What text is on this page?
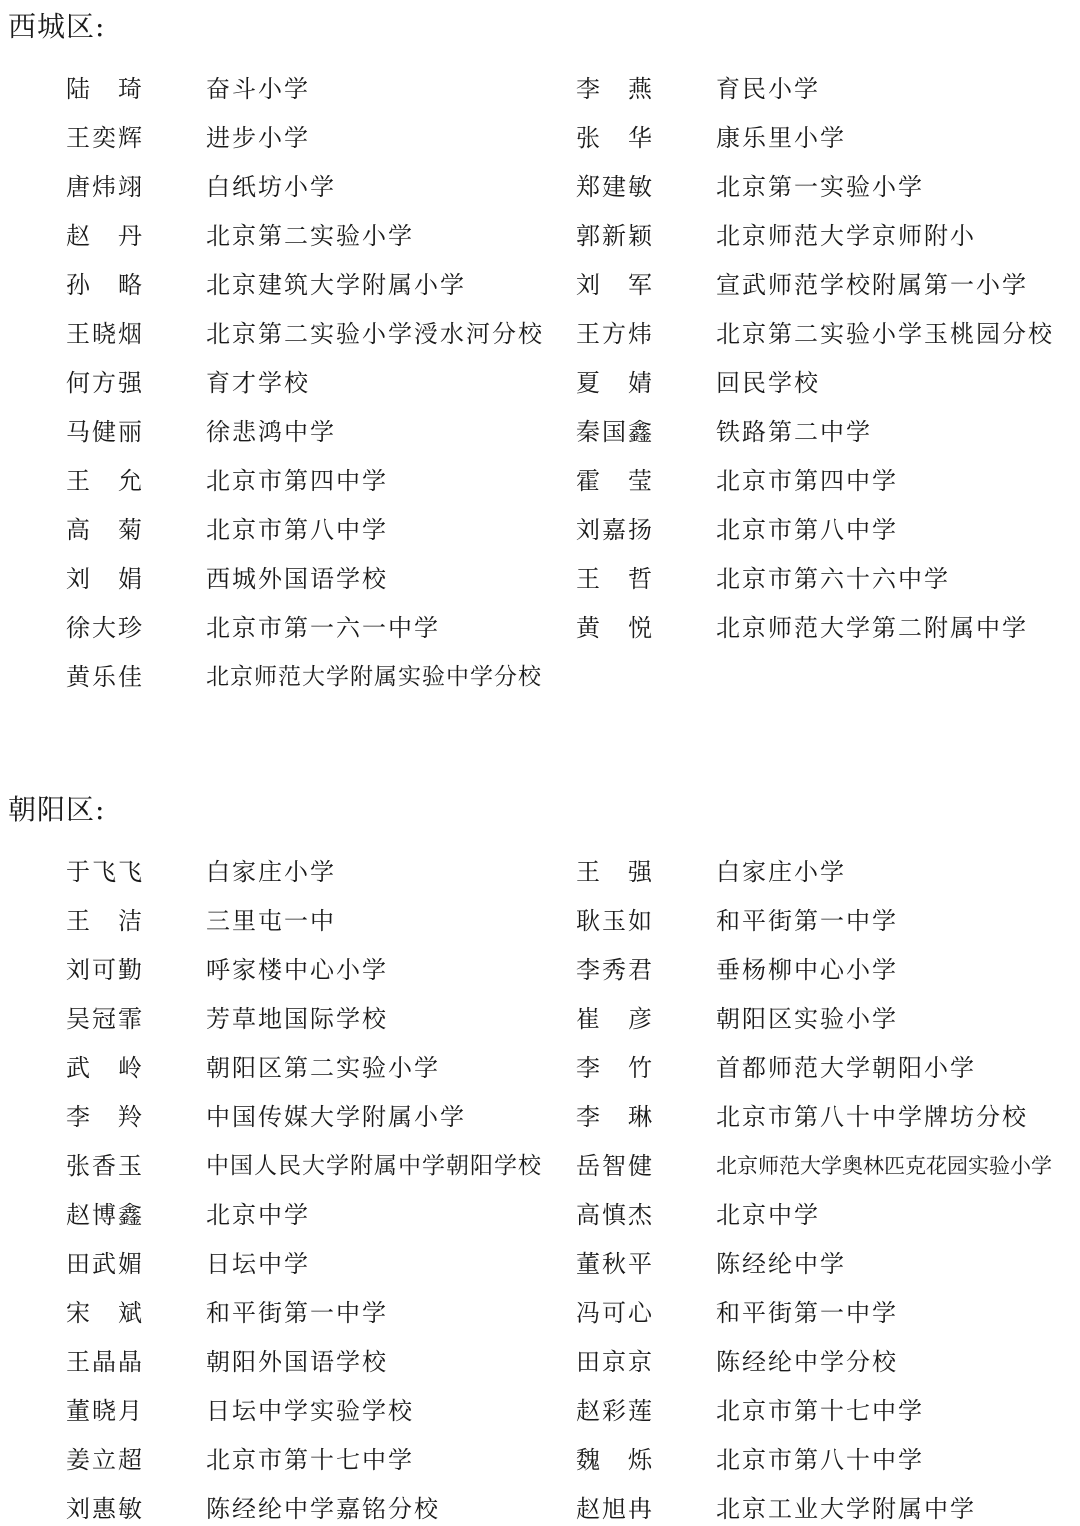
西城区:
陆　琦	奋斗小学	李　燕	育民小学
王奕辉	进步小学	张　华	康乐里小学
唐炜翊	白纸坊小学	郑建敏	北京第一实验小学
赵　丹	北京第二实验小学	郭新颖	北京师范大学京师附小
孙　略	北京建筑大学附属小学	刘　军	宣武师范学校附属第一小学
王晓烟	北京第二实验小学涭水河分校 王方炜	北京第二实验小学玉桃园分校
何方强	育才学校	夏　婧	回民学校
马健丽	徐悲鸿中学	秦国鑫	铁路第二中学
王　允	北京市第四中学	霍　莹	北京市第四中学
高　菊	北京市第八中学	刘嘉扬	北京市第八中学
刘　娟	西城外国语学校	王　哲	北京市第六十六中学
徐大珍	北京市第一六一中学	黄　悦	北京师范大学第二附属中学
黄乐佳	北京师范大学附属实验中学分校
朝阳区:
于飞飞	白家庄小学	王　强	白家庄小学
王　洁	三里屯一中	耿玉如	和平街第一中学
刘可勤	呼家楼中心小学	李秀君	垂杨柳中心小学
吴冠霏	芳草地国际学校	崔　彦	朝阳区实验小学
武　岭	朝阳区第二实验小学	李　竹	首都师范大学朝阳小学
李　羚	中国传媒大学附属小学	李　琳	北京市第八十中学牌坊分校
张香玉	中国人民大学附属中学朝阳学校 岳智健	北京师范大学奥林匹克花园实验小学
赵博鑫	北京中学	高慎杰	北京中学
田武媚	日坛中学	董秋平	陈经纶中学
宋　斌	和平街第一中学	冯可心	和平街第一中学
王晶晶	朝阳外国语学校	田京京	陈经纶中学分校
董晓月	日坛中学实验学校	赵彩莲	北京市第十七中学
姜立超	北京市第十七中学	魏　烁	北京市第八十中学
刘惠敏	陈经纶中学嘉铭分校	赵旭冉	北京工业大学附属中学
